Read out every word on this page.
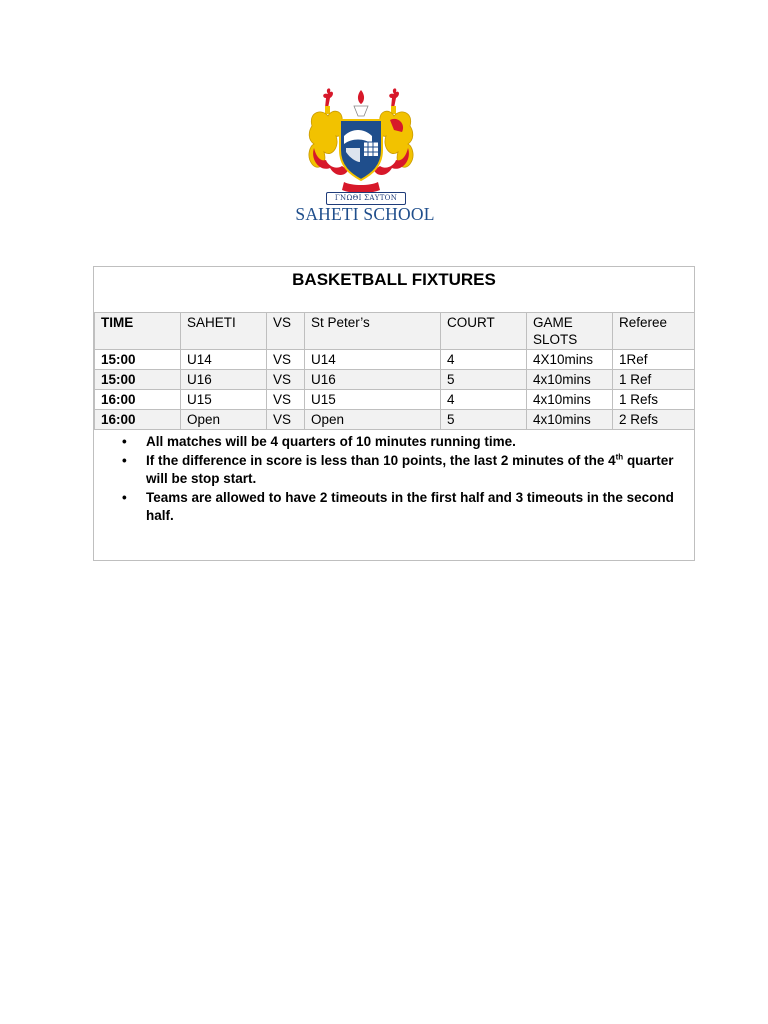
ΓΝΩΘΙ ΣΑΥΤΟΝ
SAHETI SCHOOL
BASKETBALL FIXTURES
TIME	SAHETI	VS	St Peter’s	COURT	GAME SLOTS	Referee
15:00	U14	VS	U14	4	4X10mins	1Ref
15:00	U16	VS	U16	5	4x10mins	1 Ref
16:00	U15	VS	U15	4	4x10mins	1 Refs
16:00	Open	VS	Open	5	4x10mins	2 Refs
• All matches will be 4 quarters of 10 minutes running time.
• If the difference in score is less than 10 points, the last 2 minutes of the 4th quarter will be stop start.
• Teams are allowed to have 2 timeouts in the first half and 3 timeouts in the second half.
